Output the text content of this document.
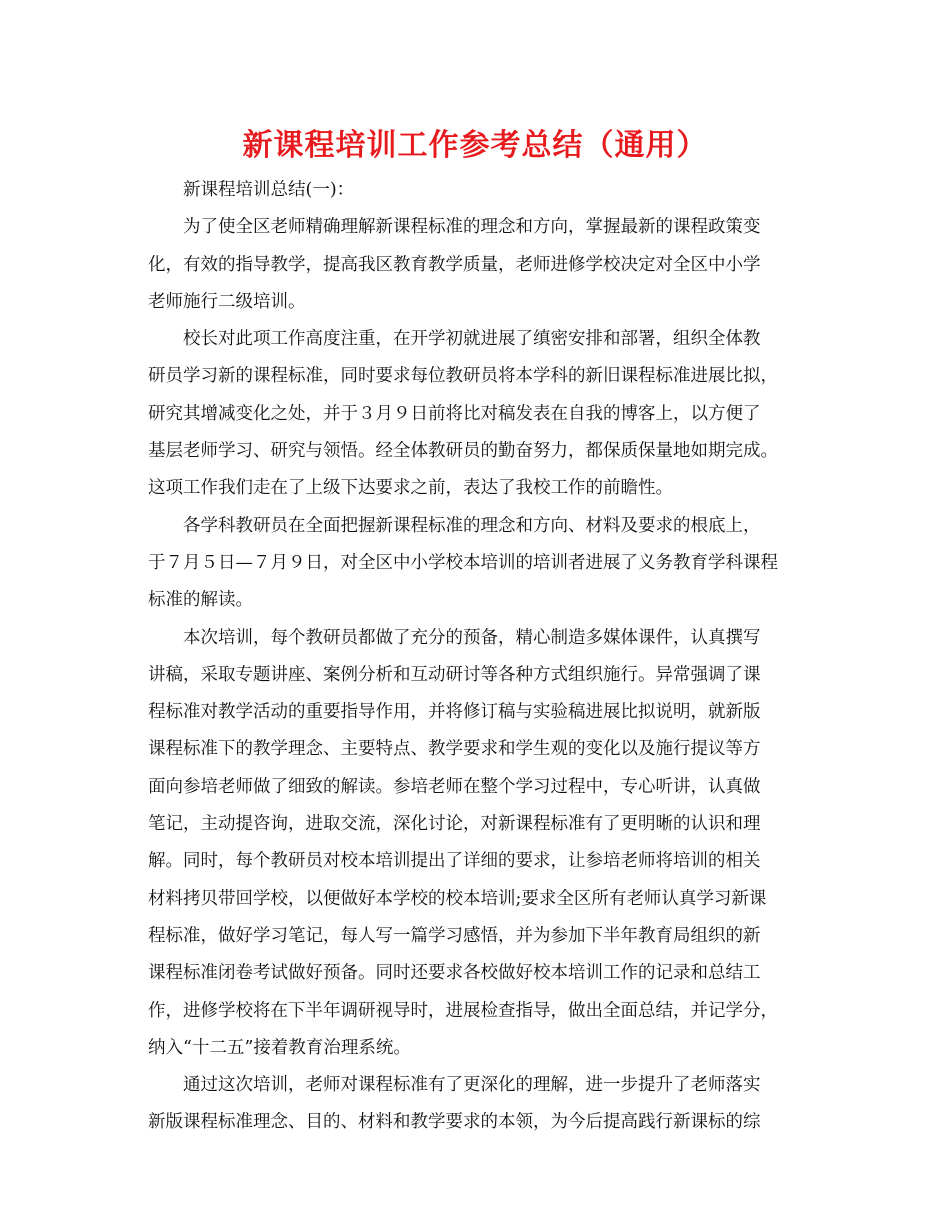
新课程培训工作参考总结（通用）
新课程培训总结(一)：
为了使全区老师精确理解新课程标准的理念和方向，掌握最新的课程政策变
化，有效的指导教学，提高我区教育教学质量，老师进修学校决定对全区中小学
老师施行二级培训。
校长对此项工作高度注重，在开学初就进展了缜密安排和部署，组织全体教
研员学习新的课程标准，同时要求每位教研员将本学科的新旧课程标准进展比拟，
研究其增减变化之处，并于３月９日前将比对稿发表在自我的博客上，以方便了
基层老师学习、研究与领悟。经全体教研员的勤奋努力，都保质保量地如期完成。
这项工作我们走在了上级下达要求之前，表达了我校工作的前瞻性。
各学科教研员在全面把握新课程标准的理念和方向、材料及要求的根底上，
于７月５日—７月９日，对全区中小学校本培训的培训者进展了义务教育学科课程
标准的解读。
本次培训，每个教研员都做了充分的预备，精心制造多媒体课件，认真撰写
讲稿，采取专题讲座、案例分析和互动研讨等各种方式组织施行。异常强调了课
程标准对教学活动的重要指导作用，并将修订稿与实验稿进展比拟说明，就新版
课程标准下的教学理念、主要特点、教学要求和学生观的变化以及施行提议等方
面向参培老师做了细致的解读。参培老师在整个学习过程中，专心听讲，认真做
笔记，主动提咨询，进取交流，深化讨论，对新课程标准有了更明晰的认识和理
解。同时，每个教研员对校本培训提出了详细的要求，让参培老师将培训的相关
材料拷贝带回学校，以便做好本学校的校本培训;要求全区所有老师认真学习新课
程标准，做好学习笔记，每人写一篇学习感悟，并为参加下半年教育局组织的新
课程标准闭卷考试做好预备。同时还要求各校做好校本培训工作的记录和总结工
作，进修学校将在下半年调研视导时，进展检查指导，做出全面总结，并记学分，
纳入“十二五”接着教育治理系统。
通过这次培训，老师对课程标准有了更深化的理解，进一步提升了老师落实
新版课程标准理念、目的、材料和教学要求的本领，为今后提高践行新课标的综
